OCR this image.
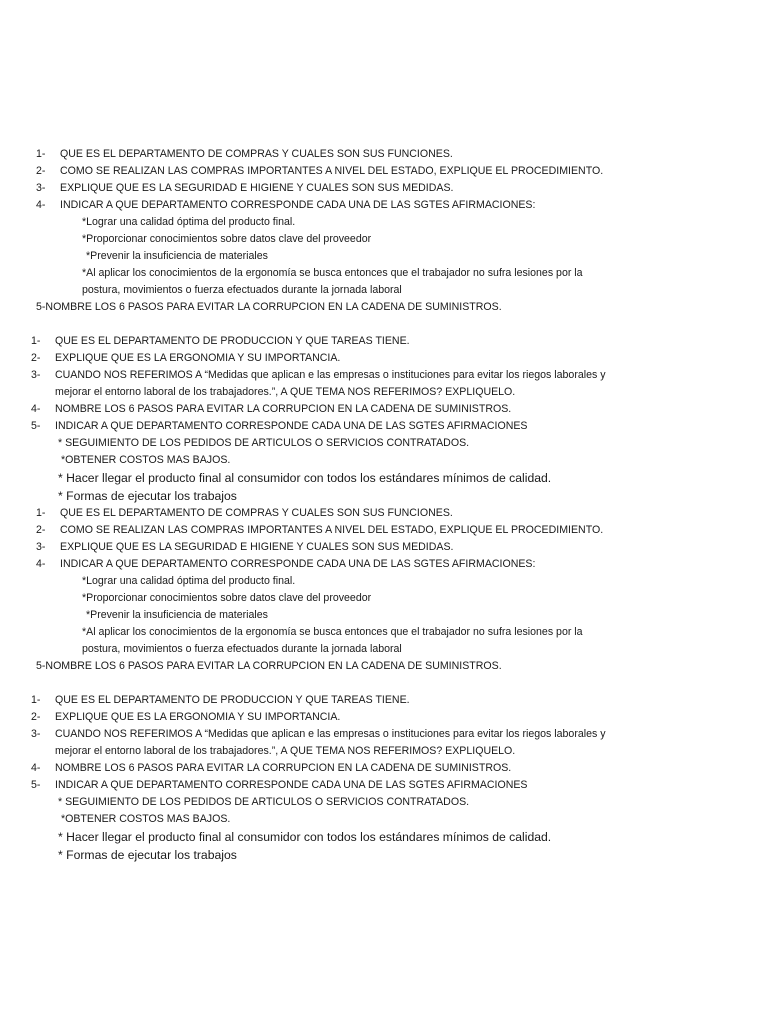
1- QUE ES EL DEPARTAMENTO DE COMPRAS Y CUALES SON SUS FUNCIONES.
2- COMO SE REALIZAN LAS COMPRAS IMPORTANTES A NIVEL DEL ESTADO, EXPLIQUE EL PROCEDIMIENTO.
3- EXPLIQUE QUE ES LA SEGURIDAD E HIGIENE Y CUALES SON SUS MEDIDAS.
4- INDICAR A QUE DEPARTAMENTO CORRESPONDE CADA UNA DE LAS SGTES AFIRMACIONES:
*Lograr una calidad óptima del producto final.
*Proporcionar conocimientos sobre datos clave del proveedor
*Prevenir la insuficiencia de materiales
*Al aplicar los conocimientos de la ergonomía se busca entonces que el trabajador no sufra lesiones por la
postura, movimientos o fuerza efectuados durante la jornada laboral
5-NOMBRE LOS 6 PASOS PARA EVITAR LA CORRUPCION EN LA CADENA DE SUMINISTROS.
1- QUE ES EL DEPARTAMENTO DE PRODUCCION Y QUE TAREAS TIENE.
2- EXPLIQUE QUE ES LA ERGONOMIA Y SU IMPORTANCIA.
3- CUANDO NOS REFERIMOS A “Medidas que aplican e las empresas o instituciones para evitar los riegos laborales y
mejorar el entorno laboral de los trabajadores.”, A QUE TEMA NOS REFERIMOS? EXPLIQUELO.
4- NOMBRE LOS 6 PASOS PARA EVITAR LA CORRUPCION EN LA CADENA DE SUMINISTROS.
5- INDICAR A QUE DEPARTAMENTO CORRESPONDE CADA UNA DE LAS SGTES AFIRMACIONES
* SEGUIMIENTO DE LOS PEDIDOS DE ARTICULOS O SERVICIOS CONTRATADOS.
*OBTENER COSTOS MAS BAJOS.
* Hacer llegar el producto final al consumidor con todos los estándares mínimos de calidad.
* Formas de ejecutar los trabajos
1- QUE ES EL DEPARTAMENTO DE COMPRAS Y CUALES SON SUS FUNCIONES.
2- COMO SE REALIZAN LAS COMPRAS IMPORTANTES A NIVEL DEL ESTADO, EXPLIQUE EL PROCEDIMIENTO.
3- EXPLIQUE QUE ES LA SEGURIDAD E HIGIENE Y CUALES SON SUS MEDIDAS.
4- INDICAR A QUE DEPARTAMENTO CORRESPONDE CADA UNA DE LAS SGTES AFIRMACIONES:
*Lograr una calidad óptima del producto final.
*Proporcionar conocimientos sobre datos clave del proveedor
*Prevenir la insuficiencia de materiales
*Al aplicar los conocimientos de la ergonomía se busca entonces que el trabajador no sufra lesiones por la
postura, movimientos o fuerza efectuados durante la jornada laboral
5-NOMBRE LOS 6 PASOS PARA EVITAR LA CORRUPCION EN LA CADENA DE SUMINISTROS.
1- QUE ES EL DEPARTAMENTO DE PRODUCCION Y QUE TAREAS TIENE.
2- EXPLIQUE QUE ES LA ERGONOMIA Y SU IMPORTANCIA.
3- CUANDO NOS REFERIMOS A “Medidas que aplican e las empresas o instituciones para evitar los riegos laborales y
mejorar el entorno laboral de los trabajadores.”, A QUE TEMA NOS REFERIMOS? EXPLIQUELO.
4- NOMBRE LOS 6 PASOS PARA EVITAR LA CORRUPCION EN LA CADENA DE SUMINISTROS.
5- INDICAR A QUE DEPARTAMENTO CORRESPONDE CADA UNA DE LAS SGTES AFIRMACIONES
* SEGUIMIENTO DE LOS PEDIDOS DE ARTICULOS O SERVICIOS CONTRATADOS.
*OBTENER COSTOS MAS BAJOS.
* Hacer llegar el producto final al consumidor con todos los estándares mínimos de calidad.
* Formas de ejecutar los trabajos
